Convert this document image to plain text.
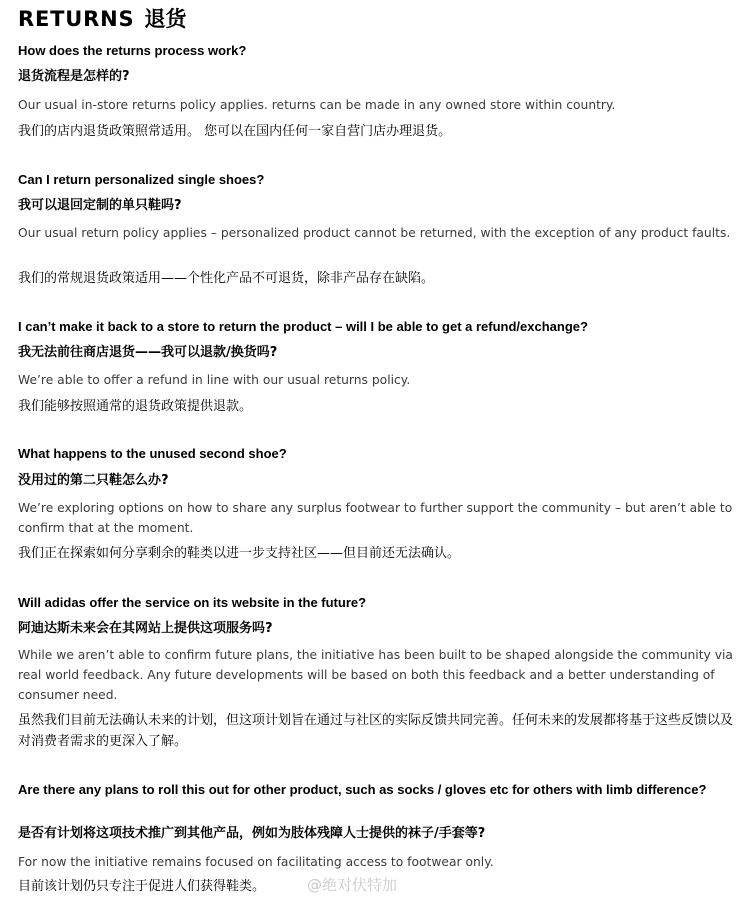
RETURNS 退货
How does the returns process work?
退货流程是怎样的?
Our usual in-store returns policy applies. returns can be made in any owned store within country.
我们的店内退货政策照常适用。 您可以在国内任何一家自营门店办理退货。
Can I return personalized single shoes?
我可以退回定制的单只鞋吗?
Our usual return policy applies – personalized product cannot be returned, with the exception of any product faults.
我们的常规退货政策适用——个性化产品不可退货，除非产品存在缺陷。
I can’t make it back to a store to return the product – will I be able to get a refund/exchange?
我无法前往商店退货——我可以退款/换货吗?
We’re able to offer a refund in line with our usual returns policy.
我们能够按照通常的退货政策提供退款。
What happens to the unused second shoe?
没用过的第二只鞋怎么办?
We’re exploring options on how to share any surplus footwear to further support the community – but aren’t able to confirm that at the moment.
我们正在探索如何分享剩余的鞋类以进一步支持社区——但目前还无法确认。
Will adidas offer the service on its website in the future?
阿迪达斯未来会在其网站上提供这项服务吗?
While we aren’t able to confirm future plans, the initiative has been built to be shaped alongside the community via real world feedback. Any future developments will be based on both this feedback and a better understanding of consumer need.
虽然我们目前无法确认未来的计划，但这项计划旨在通过与社区的实际反馈共同完善。任何未来的发展都将基于这些反馈以及对消费者需求的更深入了解。
Are there any plans to roll this out for other product, such as socks / gloves etc for others with limb difference?
是否有计划将这项技术推广到其他产品，例如为肢体残障人士提供的袜子/手套等?
For now the initiative remains focused on facilitating access to footwear only.
目前该计划仍只专注于促进人们获得鞋类。	@绝对伏特加
